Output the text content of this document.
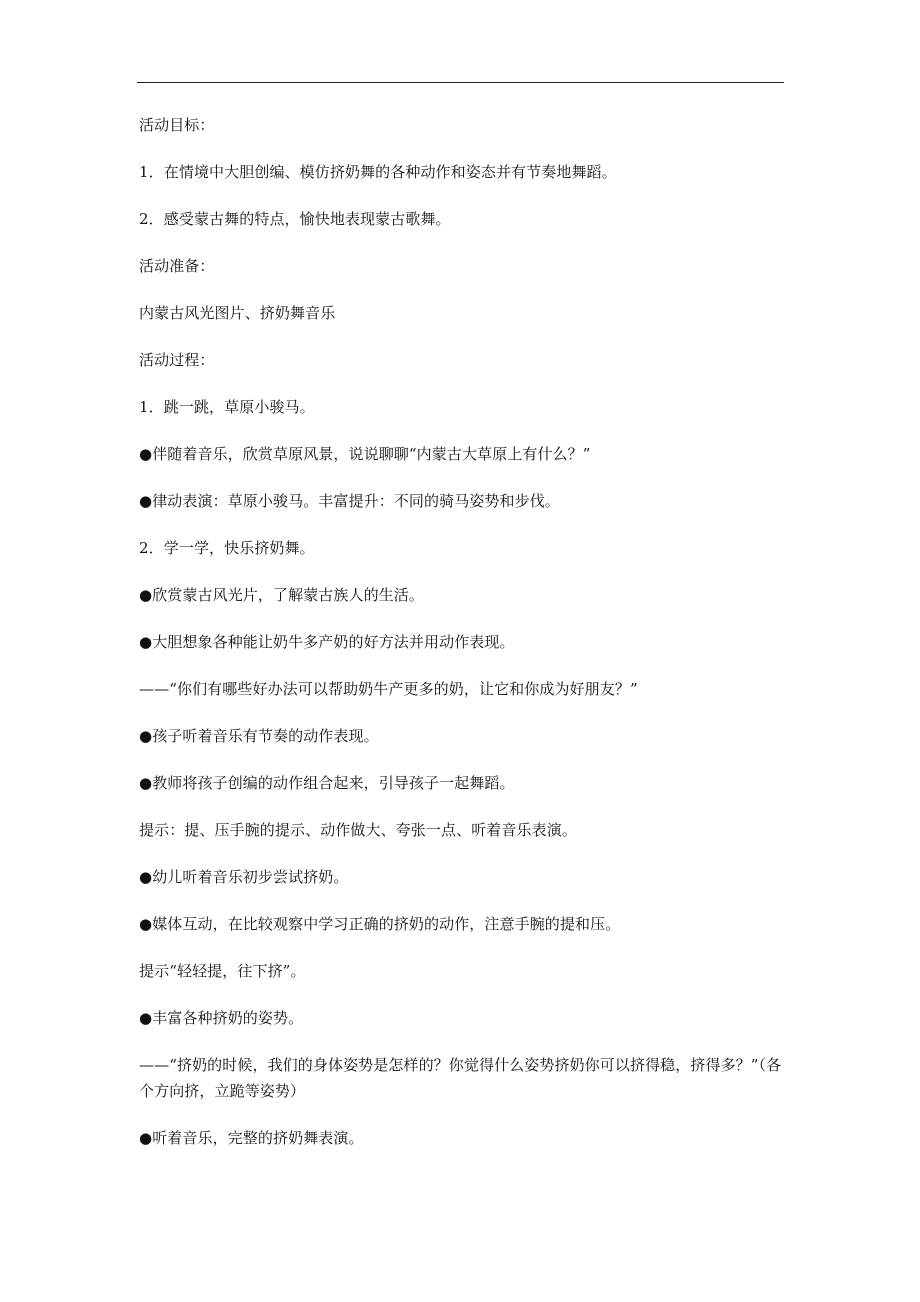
活动目标：

1．在情境中大胆创编、模仿挤奶舞的各种动作和姿态并有节奏地舞蹈。

2．感受蒙古舞的特点，愉快地表现蒙古歌舞。

活动准备：

内蒙古风光图片、挤奶舞音乐

活动过程：

1．跳一跳，草原小骏马。

●伴随着音乐，欣赏草原风景，说说聊聊“内蒙古大草原上有什么？”

●律动表演：草原小骏马。丰富提升：不同的骑马姿势和步伐。

2．学一学，快乐挤奶舞。

●欣赏蒙古风光片，了解蒙古族人的生活。

●大胆想象各种能让奶牛多产奶的好方法并用动作表现。

——“你们有哪些好办法可以帮助奶牛产更多的奶，让它和你成为好朋友？”

●孩子听着音乐有节奏的动作表现。

●教师将孩子创编的动作组合起来，引导孩子一起舞蹈。

提示：提、压手腕的提示、动作做大、夸张一点、听着音乐表演。

●幼儿听着音乐初步尝试挤奶。

●媒体互动，在比较观察中学习正确的挤奶的动作，注意手腕的提和压。

提示“轻轻提，往下挤”。

●丰富各种挤奶的姿势。

——“挤奶的时候，我们的身体姿势是怎样的？你觉得什么姿势挤奶你可以挤得稳，挤得多？”（各个方向挤，立跪等姿势）

●听着音乐，完整的挤奶舞表演。
